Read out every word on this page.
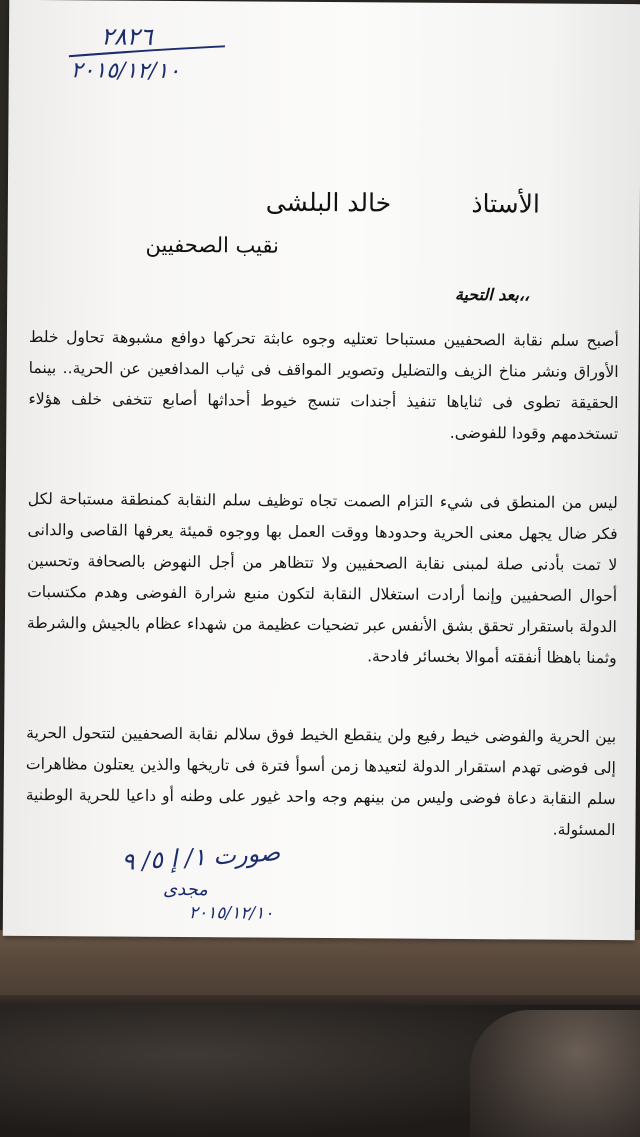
٢٨٢٦
٢٠١٥/١٢/١٠
الأستاذ
خالد البلشى
نقيب الصحفيين
بعد التحية،،

أصبح سلم نقابة الصحفيين مستباحا تعتليه وجوه عابثة تحركها دوافع مشبوهة تحاول خلط الأوراق ونشر مناخ الزيف والتضليل وتصوير المواقف فى ثياب المدافعين عن الحرية.. بينما الحقيقة تطوى فى ثناياها تنفيذ أجندات تنسج خيوط أحداثها أصابع تتخفى خلف هؤلاء تستخدمهم وقودا للفوضى.

ليس من المنطق فى شيء التزام الصمت تجاه توظيف سلم النقابة كمنطقة مستباحة لكل فكر ضال يجهل معنى الحرية وحدودها ووقت العمل بها ووجوه قميئة يعرفها القاصى والدانى لا تمت بأدنى صلة لمبنى نقابة الصحفيين ولا تتظاهر من أجل النهوض بالصحافة وتحسين أحوال الصحفيين وإنما أرادت استغلال النقابة لتكون منبع شرارة الفوضى وهدم مكتسبات الدولة باستقرار تحقق بشق الأنفس عبر تضحيات عظيمة من شهداء عظام بالجيش والشرطة وثمنا باهظا أنفقته أموالا بخسائر فادحة.

بين الحرية والفوضى خيط رفيع ولن ينقطع الخيط فوق سلالم نقابة الصحفيين لتتحول الحرية إلى فوضى تهدم استقرار الدولة لتعيدها زمن أسوأ فترة فى تاريخها والذين يعتلون مظاهرات سلم النقابة دعاة فوضى وليس من بينهم وجه واحد غيور على وطنه أو داعيا للحرية الوطنية المسئولة.

صورت ١/ إ ٥/ ٩
مجدى
٢٠١٥/١٢/١٠
